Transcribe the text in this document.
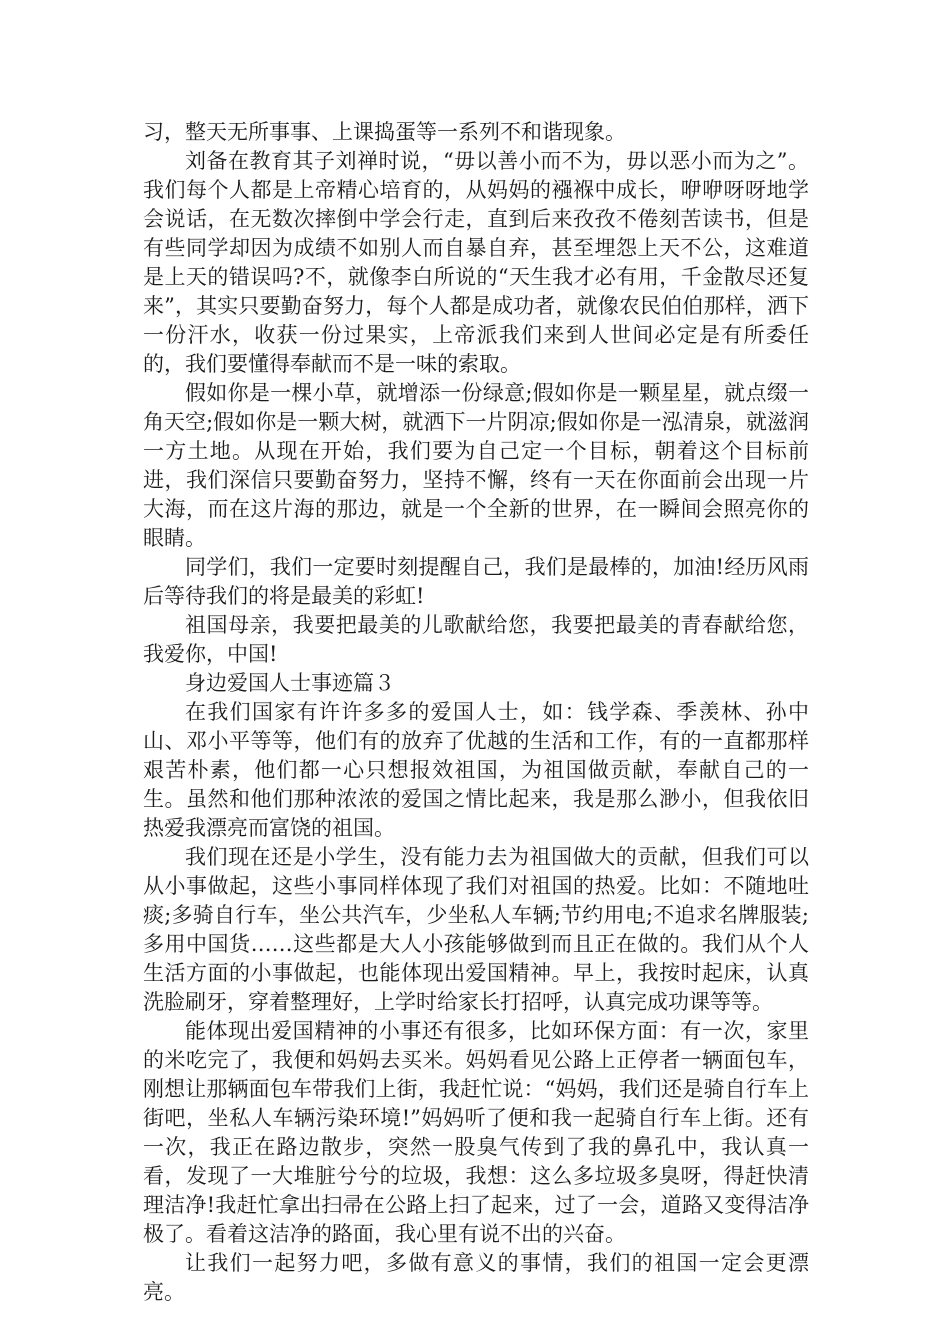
习，整天无所事事、上课捣蛋等一系列不和谐现象。

刘备在教育其子刘禅时说，“毋以善小而不为，毋以恶小而为之”。我们每个人都是上帝精心培育的，从妈妈的襁褓中成长，咿咿呀呀地学会说话，在无数次摔倒中学会行走，直到后来孜孜不倦刻苦读书，但是有些同学却因为成绩不如别人而自暴自弃，甚至埋怨上天不公，这难道是上天的错误吗?不，就像李白所说的“天生我才必有用，千金散尽还复来”，其实只要勤奋努力，每个人都是成功者，就像农民伯伯那样，洒下一份汗水，收获一份过果实，上帝派我们来到人世间必定是有所委任的，我们要懂得奉献而不是一味的索取。

假如你是一棵小草，就增添一份绿意;假如你是一颗星星，就点缀一角天空;假如你是一颗大树，就洒下一片阴凉;假如你是一泓清泉，就滋润一方土地。从现在开始，我们要为自己定一个目标，朝着这个目标前进，我们深信只要勤奋努力，坚持不懈，终有一天在你面前会出现一片大海，而在这片海的那边，就是一个全新的世界，在一瞬间会照亮你的眼睛。

同学们，我们一定要时刻提醒自己，我们是最棒的，加油!经历风雨后等待我们的将是最美的彩虹!

祖国母亲，我要把最美的儿歌献给您，我要把最美的青春献给您，我爱你，中国!

身边爱国人士事迹篇３

在我们国家有许许多多的爱国人士，如：钱学森、季羡林、孙中山、邓小平等等，他们有的放弃了优越的生活和工作，有的一直都那样艰苦朴素，他们都一心只想报效祖国，为祖国做贡献，奉献自己的一生。虽然和他们那种浓浓的爱国之情比起来，我是那么渺小，但我依旧热爱我漂亮而富饶的祖国。

我们现在还是小学生，没有能力去为祖国做大的贡献，但我们可以从小事做起，这些小事同样体现了我们对祖国的热爱。比如：不随地吐痰;多骑自行车，坐公共汽车，少坐私人车辆;节约用电;不追求名牌服装;多用中国货……这些都是大人小孩能够做到而且正在做的。我们从个人生活方面的小事做起，也能体现出爱国精神。早上，我按时起床，认真洗脸刷牙，穿着整理好，上学时给家长打招呼，认真完成功课等等。

能体现出爱国精神的小事还有很多，比如环保方面：有一次，家里的米吃完了，我便和妈妈去买米。妈妈看见公路上正停者一辆面包车，刚想让那辆面包车带我们上街，我赶忙说：“妈妈，我们还是骑自行车上街吧，坐私人车辆污染环境!”妈妈听了便和我一起骑自行车上街。还有一次，我正在路边散步，突然一股臭气传到了我的鼻孔中，我认真一看，发现了一大堆脏兮兮的垃圾，我想：这么多垃圾多臭呀，得赶快清理洁净!我赶忙拿出扫帚在公路上扫了起来，过了一会，道路又变得洁净极了。看着这洁净的路面，我心里有说不出的兴奋。

让我们一起努力吧，多做有意义的事情，我们的祖国一定会更漂亮。
